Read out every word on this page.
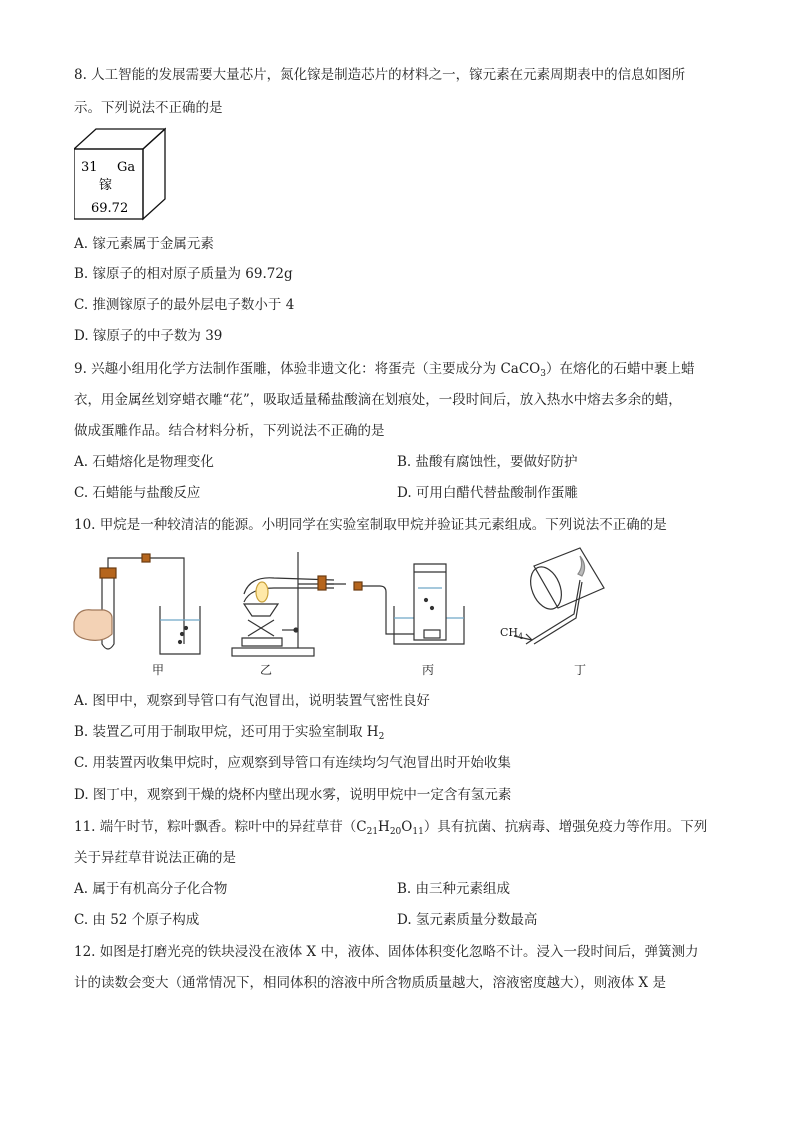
8. 人工智能的发展需要大量芯片，氮化镓是制造芯片的材料之一，镓元素在元素周期表中的信息如图所
示。下列说法不正确的是
31 Ga
镓
69.72
A. 镓元素属于金属元素
B. 镓原子的相对原子质量为 69.72g
C. 推测镓原子的最外层电子数小于 4
D. 镓原子的中子数为 39
9. 兴趣小组用化学方法制作蛋雕，体验非遗文化：将蛋壳（主要成分为 CaCO$_3$）在熔化的石蜡中裹上蜡
衣，用金属丝划穿蜡衣雕“花”，吸取适量稀盐酸滴在划痕处，一段时间后，放入热水中熔去多余的蜡，
做成蛋雕作品。结合材料分析，下列说法不正确的是
A. 石蜡熔化是物理变化	B. 盐酸有腐蚀性，要做好防护
C. 石蜡能与盐酸反应	D. 可用白醋代替盐酸制作蛋雕
10. 甲烷是一种较清洁的能源。小明同学在实验室制取甲烷并验证其元素组成。下列说法不正确的是
甲	乙	丙
$CH_4$
丁
A. 图甲中，观察到导管口有气泡冒出，说明装置气密性良好
B. 装置乙可用于制取甲烷，还可用于实验室制取 $H_2$
C. 用装置丙收集甲烷时，应观察到导管口有连续均匀气泡冒出时开始收集
D. 图丁中，观察到干燥的烧杯内壁出现水雾，说明甲烷中一定含有氢元素
11. 端午时节，粽叶飘香。粽叶中的异荭草苷$(C_{21}H_{20}O_{11})$具有抗菌、抗病毒、增强免疫力等作用。下列
关于异荭草苷说法正确的是
A. 属于有机高分子化合物	B. 由三种元素组成
C. 由 52 个原子构成	D. 氢元素质量分数最高
12. 如图是打磨光亮的铁块浸没在液体 X 中，液体、固体体积变化忽略不计。浸入一段时间后，弹簧测力
计的读数会变大（通常情况下，相同体积的溶液中所含物质质量越大，溶液密度越大），则液体 X 是
